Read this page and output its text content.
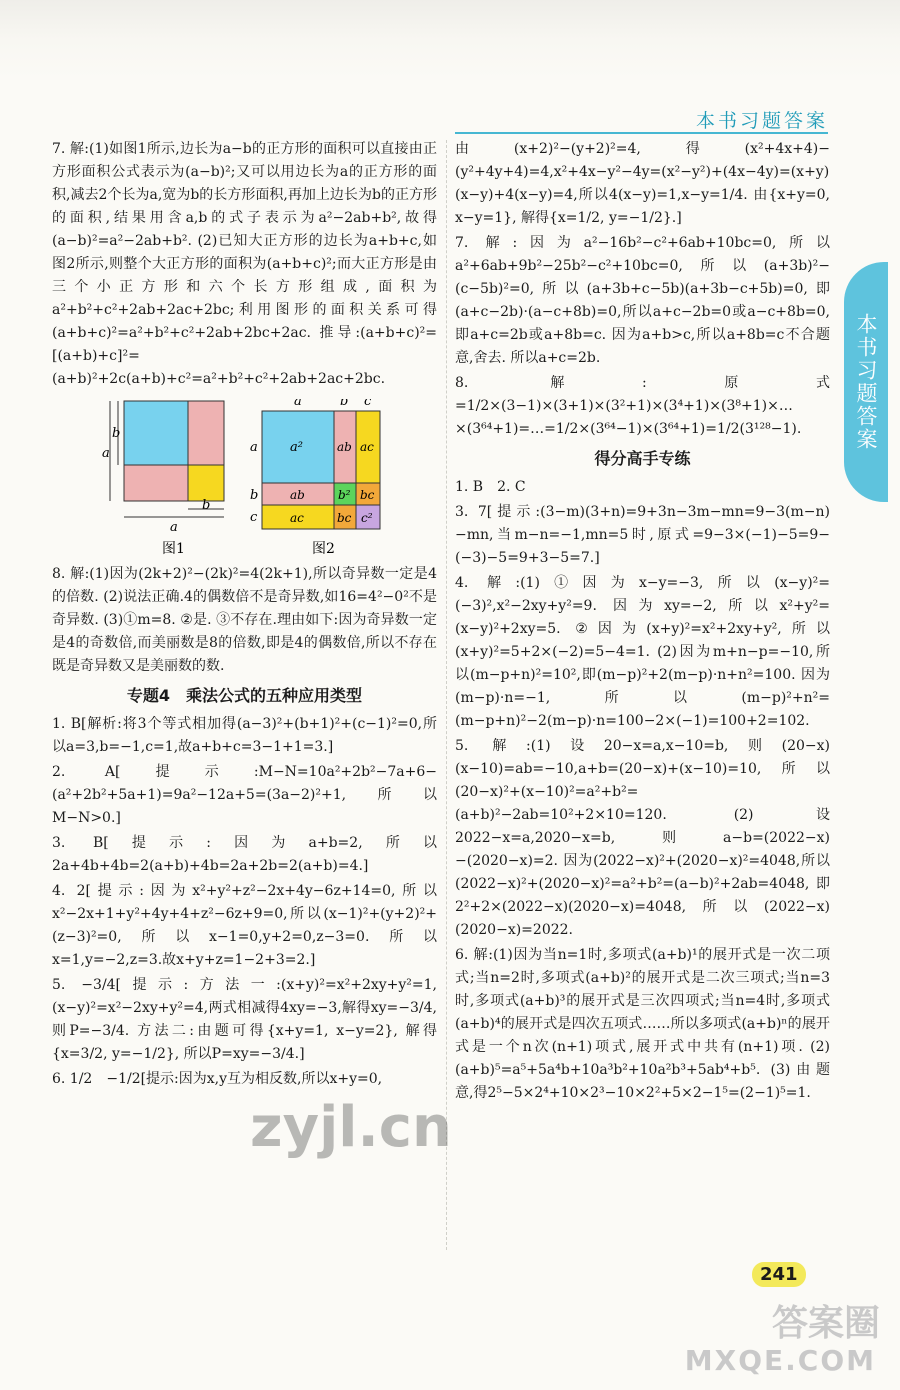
本书习题答案
本书习题答案
7. 解:(1)如图1所示,边长为a−b的正方形的面积可以直接由正方形面积公式表示为(a−b)²;又可以用边长为a的正方形的面积,减去2个长为a,宽为b的长方形面积,再加上边长为b的正方形的面积,结果用含a,b的式子表示为a²−2ab+b²,故得(a−b)²=a²−2ab+b². (2)已知大正方形的边长为a+b+c,如图2所示,则整个大正方形的面积为(a+b+c)²;而大正方形是由三个小正方形和六个长方形组成,面积为a²+b²+c²+2ab+2ac+2bc;利用图形的面积关系可得(a+b+c)²=a²+b²+c²+2ab+2bc+2ac. 推导:(a+b+c)²=[(a+b)+c]²=(a+b)²+2c(a+b)+c²=a²+b²+c²+2ab+2ac+2bc.
a
b
a
b
a	b c
a
b
c
a²	ab ac
ab	b² bc
ac	bc c²
图1	图2
8. 解:(1)因为(2k+2)²−(2k)²=4(2k+1),所以奇异数一定是4的倍数. (2)说法正确.4的偶数倍不是奇异数,如16=4²−0²不是奇异数. (3)①m=8. ②是. ③不存在.理由如下:因为奇异数一定是4的奇数倍,而美丽数是8的倍数,即是4的偶数倍,所以不存在既是奇异数又是美丽数的数.
专题4　乘法公式的五种应用类型
1. B[解析:将3个等式相加得(a−3)²+(b+1)²+(c−1)²=0,所以a=3,b=−1,c=1,故a+b+c=3−1+1=3.]
2. A[提示:M−N=10a²+2b²−7a+6−(a²+2b²+5a+1)=9a²−12a+5=(3a−2)²+1,所以M−N>0.]
3. B[提示:因为a+b=2,所以2a+4b+4b=2(a+b)+4b=2a+2b=2(a+b)=4.]
4. 2[提示:因为x²+y²+z²−2x+4y−6z+14=0,所以x²−2x+1+y²+4y+4+z²−6z+9=0,所以(x−1)²+(y+2)²+(z−3)²=0,所以x−1=0,y+2=0,z−3=0.所以x=1,y=−2,z=3.故x+y+z=1−2+3=2.]
5. −3/4[提示:方法一:(x+y)²=x²+2xy+y²=1,(x−y)²=x²−2xy+y²=4,两式相减得4xy=−3,解得xy=−3/4,则P=−3/4. 方法二:由题可得{x+y=1, x−y=2}, 解得{x=3/2, y=−1/2}, 所以P=xy=−3/4.]
6. 1/2　−1/2[提示:因为x,y互为相反数,所以x+y=0,
由(x+2)²−(y+2)²=4,得(x²+4x+4)−(y²+4y+4)=4,x²+4x−y²−4y=(x²−y²)+(4x−4y)=(x+y)(x−y)+4(x−y)=4,所以4(x−y)=1,x−y=1/4. 由{x+y=0, x−y=1}, 解得{x=1/2, y=−1/2}.]
7. 解:因为a²−16b²−c²+6ab+10bc=0,所以a²+6ab+9b²−25b²−c²+10bc=0,所以(a+3b)²−(c−5b)²=0,所以(a+3b+c−5b)(a+3b−c+5b)=0,即(a+c−2b)·(a−c+8b)=0,所以a+c−2b=0或a−c+8b=0,即a+c=2b或a+8b=c. 因为a+b>c,所以a+8b=c不合题意,舍去. 所以a+c=2b.
8. 解:原式=1/2×(3−1)×(3+1)×(3²+1)×(3⁴+1)×(3⁸+1)×…×(3⁶⁴+1)=…=1/2×(3⁶⁴−1)×(3⁶⁴+1)=1/2(3¹²⁸−1).
得分高手专练
1. B　2. C
3. 7[提示:(3−m)(3+n)=9+3n−3m−mn=9−3(m−n)−mn,当m−n=−1,mn=5时,原式=9−3×(−1)−5=9−(−3)−5=9+3−5=7.]
4. 解:(1)①因为x−y=−3,所以(x−y)²=(−3)²,x²−2xy+y²=9. 因为xy=−2,所以x²+y²=(x−y)²+2xy=5. ②因为(x+y)²=x²+2xy+y²,所以(x+y)²=5+2×(−2)=5−4=1. (2)因为m+n−p=−10,所以(m−p+n)²=10²,即(m−p)²+2(m−p)·n+n²=100. 因为(m−p)·n=−1,所以(m−p)²+n²=(m−p+n)²−2(m−p)·n=100−2×(−1)=100+2=102.
5. 解:(1)设20−x=a,x−10=b,则(20−x)(x−10)=ab=−10,a+b=(20−x)+(x−10)=10,所以(20−x)²+(x−10)²=a²+b²=(a+b)²−2ab=10²+2×10=120. (2)设2022−x=a,2020−x=b,则a−b=(2022−x)−(2020−x)=2. 因为(2022−x)²+(2020−x)²=4048,所以(2022−x)²+(2020−x)²=a²+b²=(a−b)²+2ab=4048,即2²+2×(2022−x)(2020−x)=4048,所以(2022−x)(2020−x)=2022.
6. 解:(1)因为当n=1时,多项式(a+b)¹的展开式是一次二项式;当n=2时,多项式(a+b)²的展开式是二次三项式;当n=3时,多项式(a+b)³的展开式是三次四项式;当n=4时,多项式(a+b)⁴的展开式是四次五项式……所以多项式(a+b)ⁿ的展开式是一个n次(n+1)项式,展开式中共有(n+1)项. (2)(a+b)⁵=a⁵+5a⁴b+10a³b²+10a²b³+5ab⁴+b⁵. (3)由题意,得2⁵−5×2⁴+10×2³−10×2²+5×2−1⁵=(2−1)⁵=1.
241
zyjl.cn
答案圈
MXQE.COM
